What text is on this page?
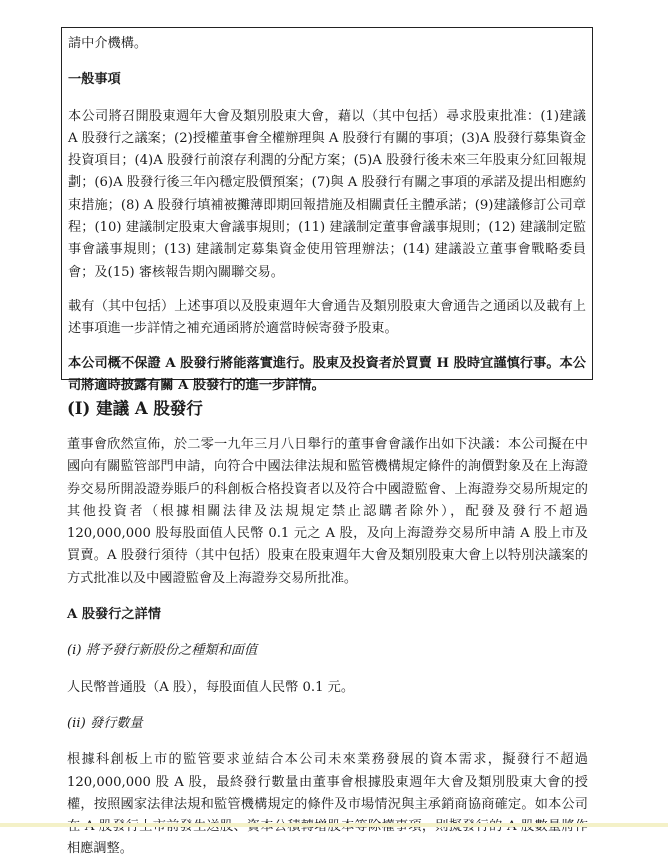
請中介機構。

一般事項

本公司將召開股東週年大會及類別股東大會，藉以（其中包括）尋求股東批准：(1)建議 A 股發行之議案；(2)授權董事會全權辦理與 A 股發行有關的事項；(3)A 股發行募集資金投資項目；(4)A 股發行前滾存利潤的分配方案；(5)A 股發行後未來三年股東分紅回報規劃；(6)A 股發行後三年內穩定股價預案；(7)與 A 股發行有關之事項的承諾及提出相應約束措施；(8) A 股發行填補被攤薄即期回報措施及相關責任主體承諾；(9)建議修訂公司章程；(10) 建議制定股東大會議事規則；(11) 建議制定董事會議事規則；(12) 建議制定監事會議事規則；(13) 建議制定募集資金使用管理辦法；(14) 建議設立董事會戰略委員會；及(15) 審核報告期內關聯交易。

載有（其中包括）上述事項以及股東週年大會通告及類別股東大會通告之通函以及載有上述事項進一步詳情之補充通函將於適當時候寄發予股東。

本公司概不保證 A 股發行將能落實進行。股東及投資者於買賣 H 股時宜謹慎行事。本公司將適時披露有關 A 股發行的進一步詳情。

(I) 建議 A 股發行

董事會欣然宣佈，於二零一九年三月八日舉行的董事會會議作出如下決議：本公司擬在中國向有關監管部門申請，向符合中國法律法規和監管機構規定條件的詢價對象及在上海證券交易所開設證券賬戶的科創板合格投資者以及符合中國證監會、上海證券交易所規定的其他投資者（根據相關法律及法規規定禁止認購者除外），配發及發行不超過 120,000,000 股每股面值人民幣 0.1 元之 A 股，及向上海證券交易所申請 A 股上市及買賣。A 股發行須待（其中包括）股東在股東週年大會及類別股東大會上以特別決議案的方式批准以及中國證監會及上海證券交易所批准。

A 股發行之詳情

(i) 將予發行新股份之種類和面值

人民幣普通股（A 股），每股面值人民幣 0.1 元。

(ii) 發行數量

根據科創板上市的監管要求並結合本公司未來業務發展的資本需求，擬發行不超過 120,000,000 股 A 股，最終發行數量由董事會根據股東週年大會及類別股東大會的授權，按照國家法律法規和監管機構規定的條件及市場情況與主承銷商協商確定。如本公司 相應調整。
